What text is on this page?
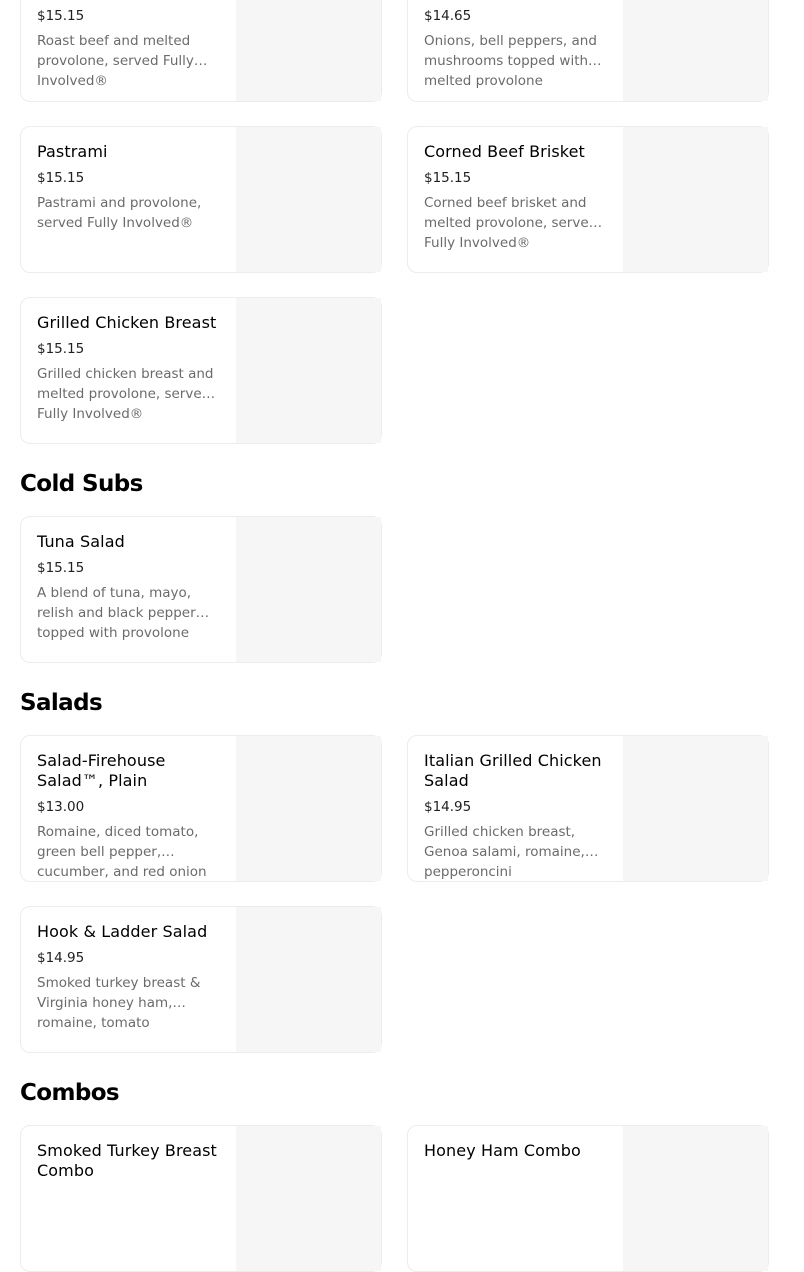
$15.15
Roast beef and melted provolone, served Fully Involved®
$14.65
Onions, bell peppers, and mushrooms topped with melted provolone
Pastrami
$15.15
Pastrami and provolone, served Fully Involved®
Corned Beef Brisket
$15.15
Corned beef brisket and melted provolone, served Fully Involved®
Grilled Chicken Breast
$15.15
Grilled chicken breast and melted provolone, served Fully Involved®
Cold Subs
Tuna Salad
$15.15
A blend of tuna, mayo, relish and black pepper topped with provolone
Salads
Salad-Firehouse Salad™, Plain
$13.00
Romaine, diced tomato, green bell pepper, cucumber, and red onion
Italian Grilled Chicken Salad
$14.95
Grilled chicken breast, Genoa salami, romaine, pepperoncini
Hook & Ladder Salad
$14.95
Smoked turkey breast & Virginia honey ham, romaine, tomato
Combos
Smoked Turkey Breast Combo
Honey Ham Combo
